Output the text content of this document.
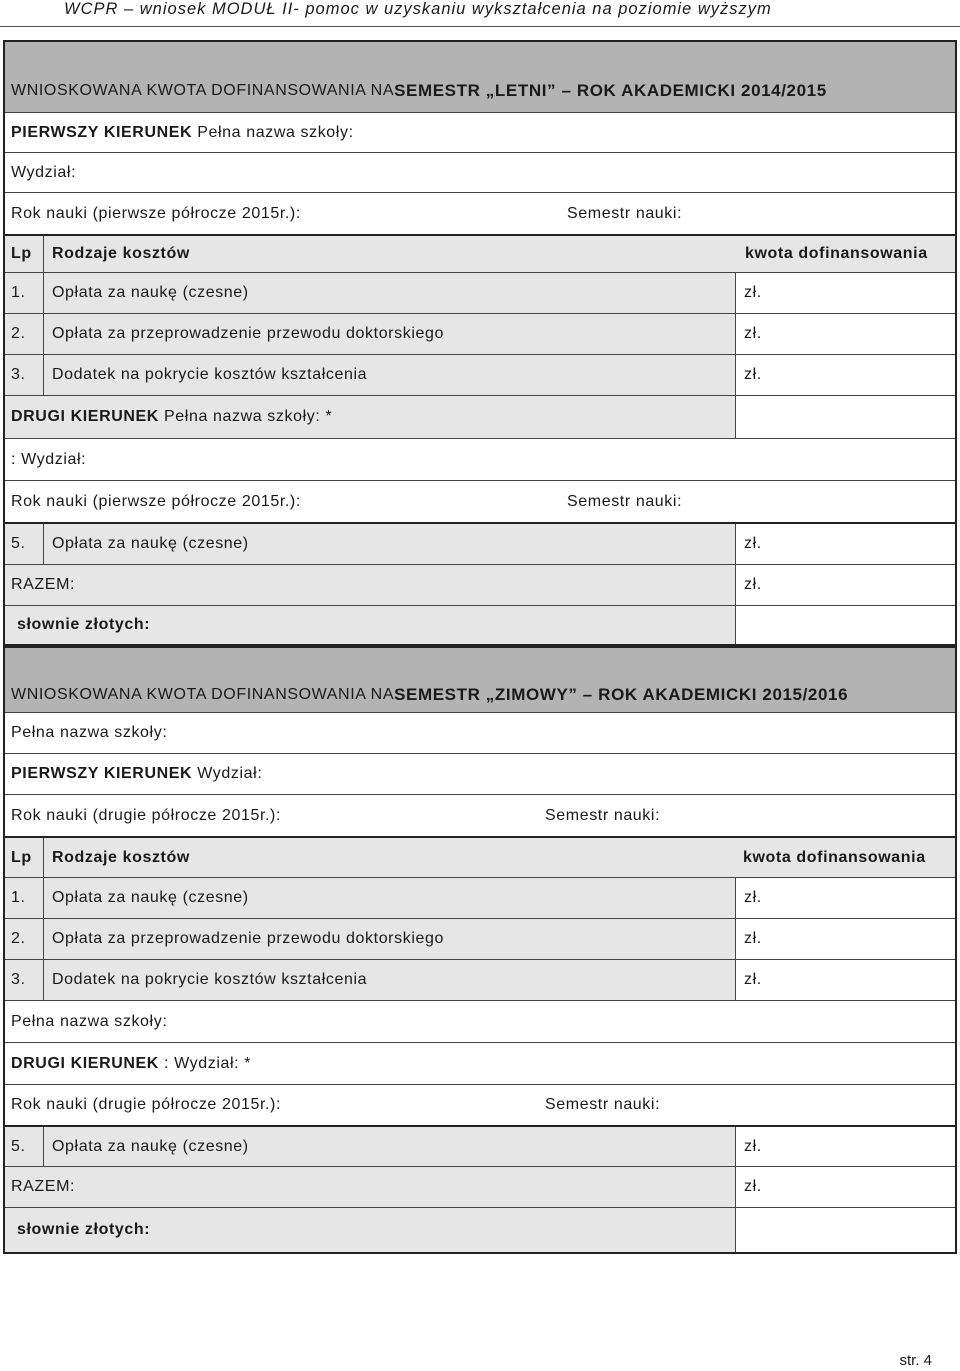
WCPR – wniosek MODUŁ II- pomoc w uzyskaniu wykształcenia na poziomie wyższym
WNIOSKOWANA KWOTA DOFINANSOWANIA NA SEMESTR „LETNI” – ROK AKADEMICKI 2014/2015
PIERWSZY KIERUNEK
Pełna nazwa szkoły:
Wydział:
Rok nauki (pierwsze półrocze 2015r.):	Semestr nauki:
Lp	Rodzaje kosztów	kwota dofinansowania
1.	Opłata za naukę (czesne)	zł.
2.	Opłata za przeprowadzenie przewodu doktorskiego	zł.
3.	Dodatek na pokrycie kosztów kształcenia	zł.
DRUGI KIERUNEK
Pełna nazwa szkoły: *
: Wydział:
Rok nauki (pierwsze półrocze 2015r.):	Semestr nauki:
5.	Opłata za naukę (czesne)	zł.
RAZEM:	zł.
słownie złotych:
WNIOSKOWANA KWOTA DOFINANSOWANIA NA SEMESTR „ZIMOWY” – ROK AKADEMICKI 2015/2016
Pełna nazwa szkoły:
PIERWSZY KIERUNEK
Wydział:
Rok nauki (drugie półrocze 2015r.):	Semestr nauki:
Lp	Rodzaje kosztów	kwota dofinansowania
1.	Opłata za naukę (czesne)	zł.
2.	Opłata za przeprowadzenie przewodu doktorskiego	zł.
3.	Dodatek na pokrycie kosztów kształcenia	zł.
Pełna nazwa szkoły:
DRUGI KIERUNEK
: Wydział: *
Rok nauki (drugie półrocze 2015r.):	Semestr nauki:
5.	Opłata za naukę (czesne)	zł.
RAZEM:	zł.
słownie złotych:
str. 4
